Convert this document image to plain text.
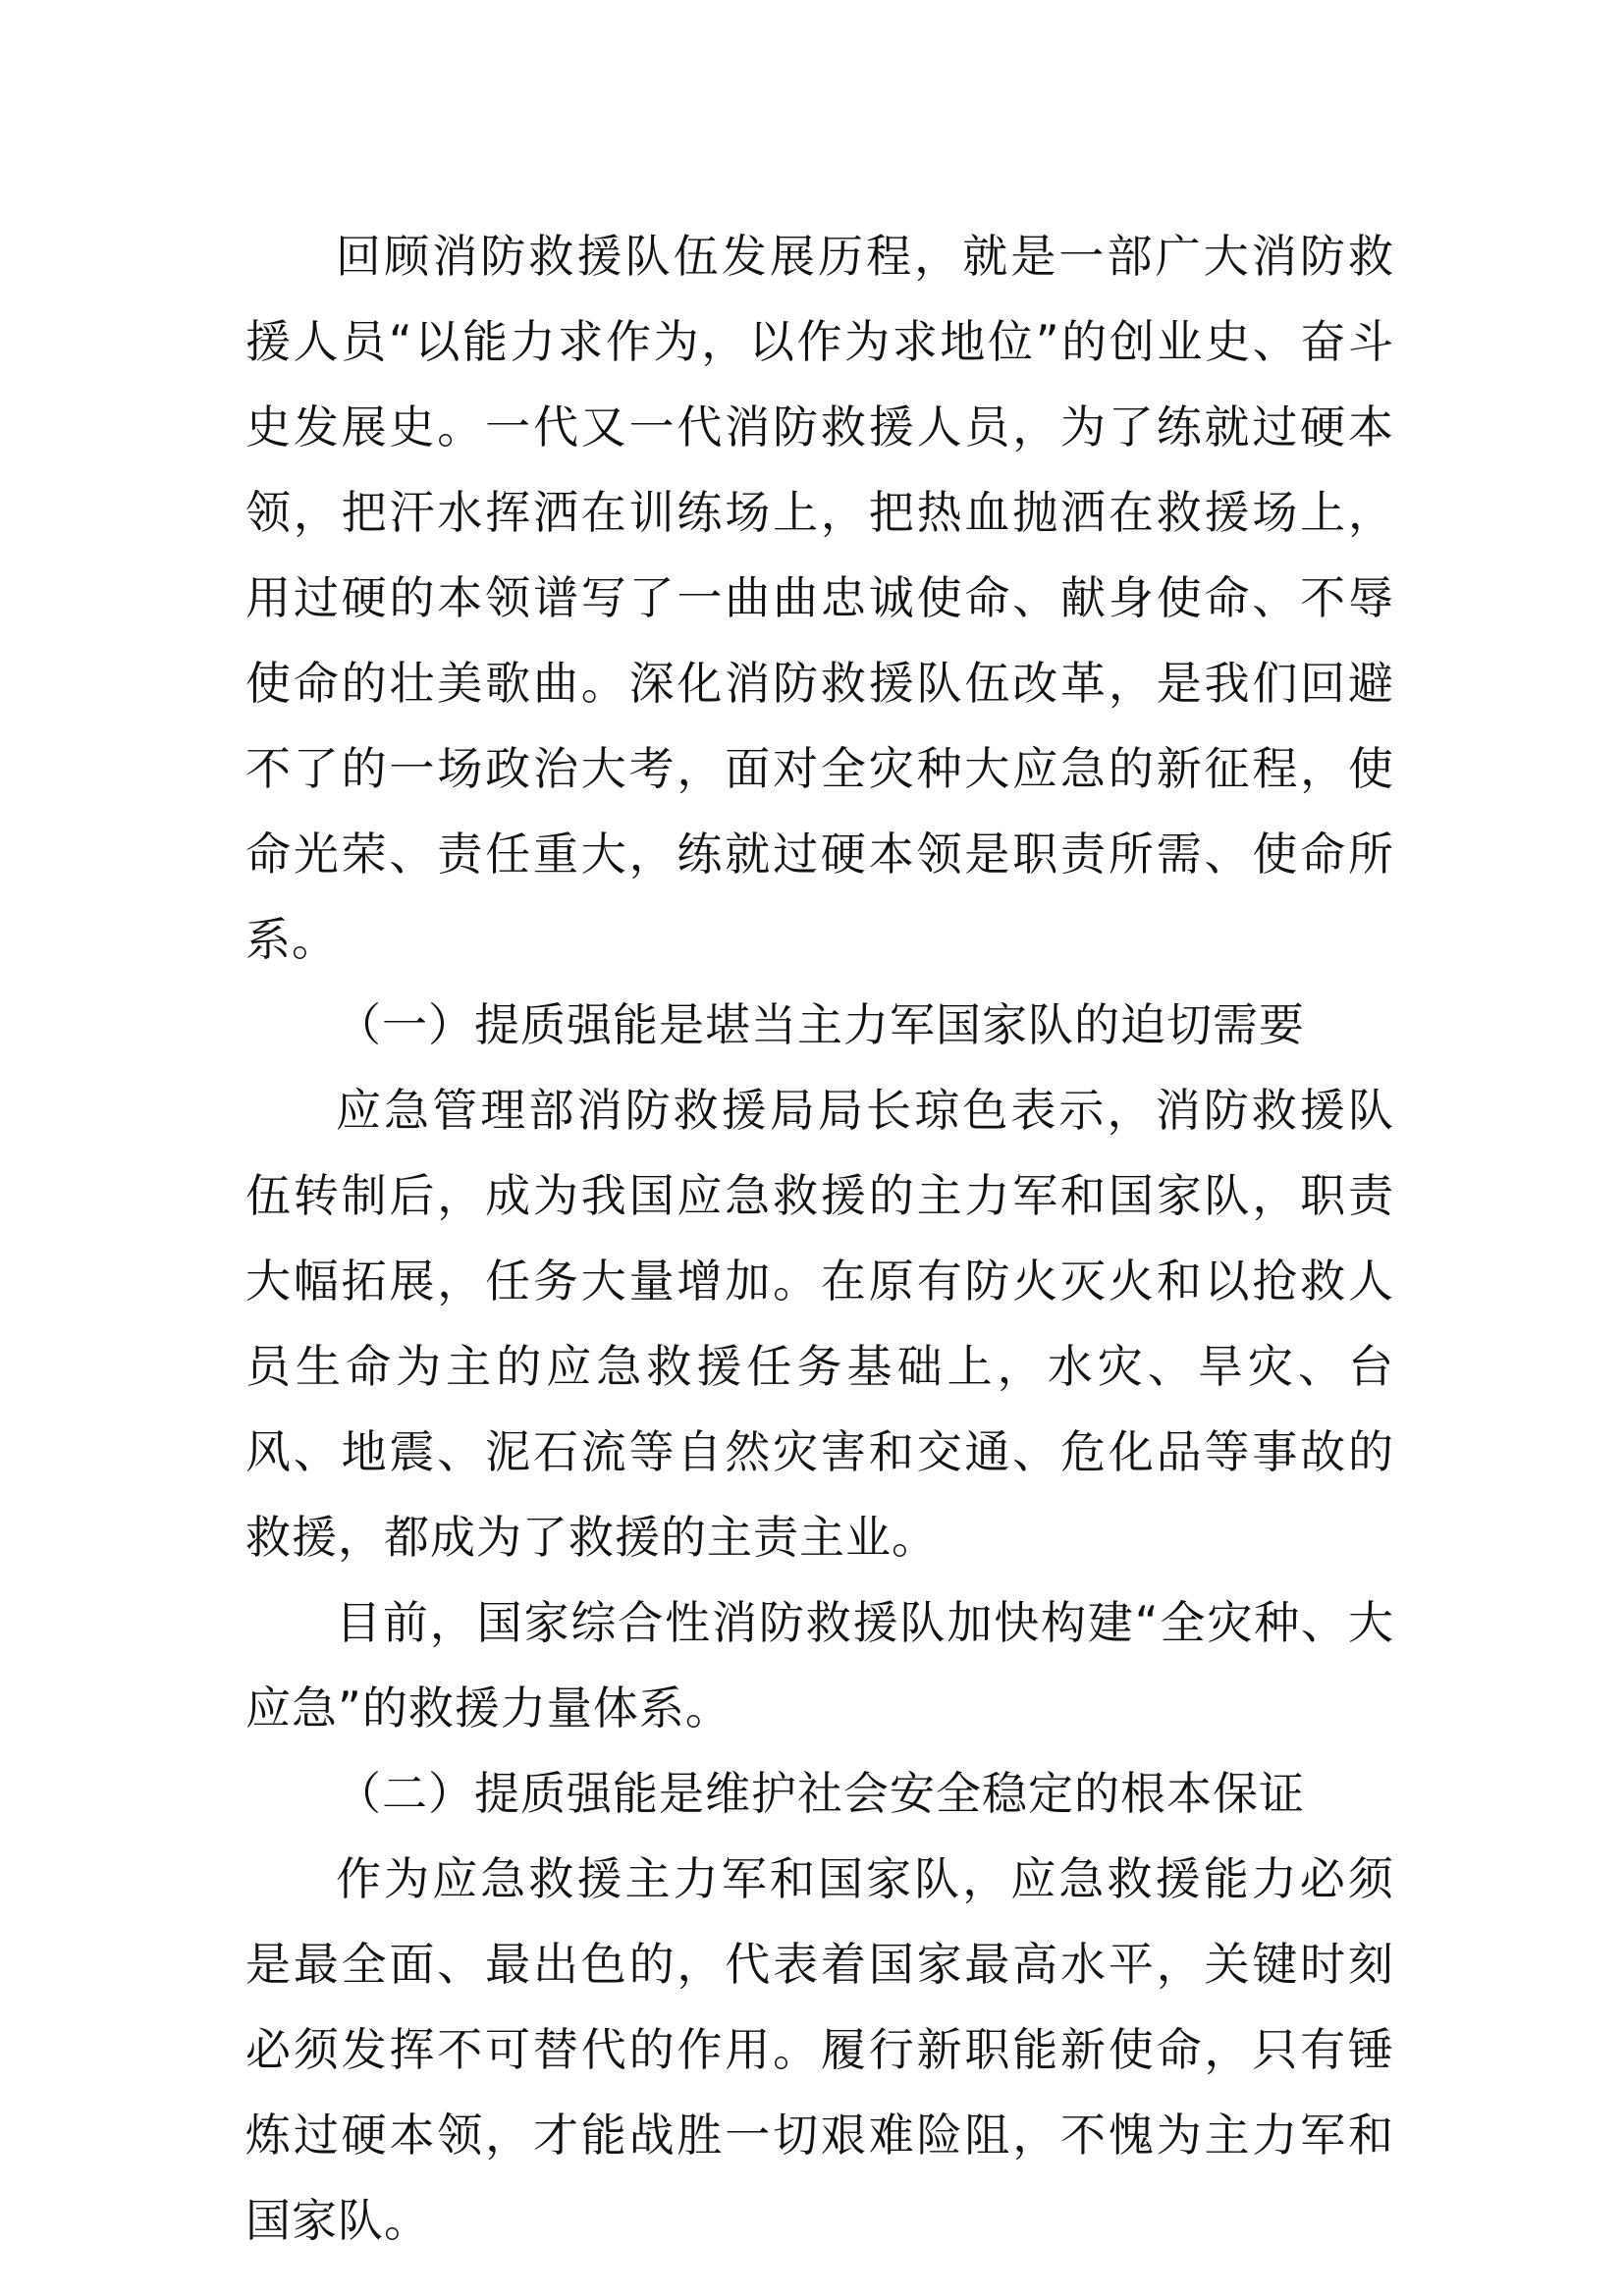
回顾消防救援队伍发展历程，就是一部广大消防救援人员“以能力求作为，以作为求地位”的创业史、奋斗史发展史。一代又一代消防救援人员，为了练就过硬本领，把汗水挥洒在训练场上，把热血抛洒在救援场上，用过硬的本领谱写了一曲曲忠诚使命、献身使命、不辱使命的壮美歌曲。深化消防救援队伍改革，是我们回避不了的一场政治大考，面对全灾种大应急的新征程，使命光荣、责任重大，练就过硬本领是职责所需、使命所系。

（一）提质强能是堪当主力军国家队的迫切需要

应急管理部消防救援局局长琼色表示，消防救援队伍转制后，成为我国应急救援的主力军和国家队，职责大幅拓展，任务大量增加。在原有防火灭火和以抢救人员生命为主的应急救援任务基础上，水灾、旱灾、台风、地震、泥石流等自然灾害和交通、危化品等事故的救援，都成为了救援的主责主业。

目前，国家综合性消防救援队加快构建“全灾种、大应急”的救援力量体系。

（二）提质强能是维护社会安全稳定的根本保证

作为应急救援主力军和国家队，应急救援能力必须是最全面、最出色的，代表着国家最高水平，关键时刻必须发挥不可替代的作用。履行新职能新使命，只有锤炼过硬本领，才能战胜一切艰难险阻，不愧为主力军和国家队。
